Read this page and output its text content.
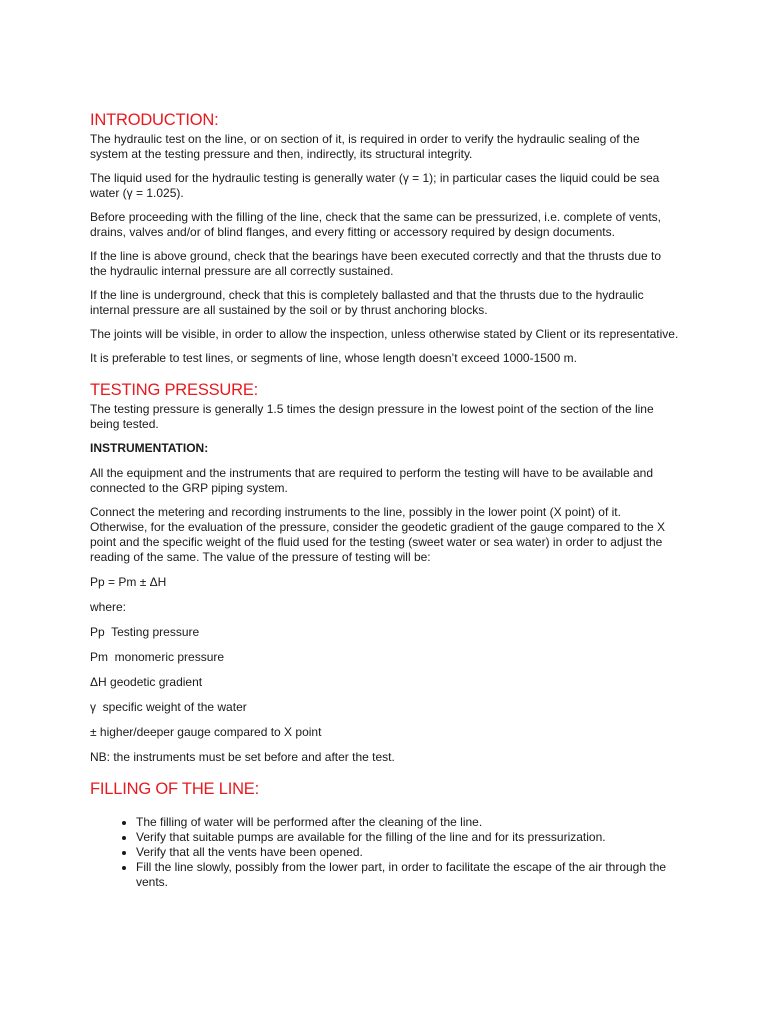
INTRODUCTION:

The hydraulic test on the line, or on section of it, is required in order to verify the hydraulic sealing of the system at the testing pressure and then, indirectly, its structural integrity.

The liquid used for the hydraulic testing is generally water (γ = 1); in particular cases the liquid could be sea water (γ = 1.025).

Before proceeding with the filling of the line, check that the same can be pressurized, i.e. complete of vents, drains, valves and/or of blind flanges, and every fitting or accessory required by design documents.

If the line is above ground, check that the bearings have been executed correctly and that the thrusts due to the hydraulic internal pressure are all correctly sustained.

If the line is underground, check that this is completely ballasted and that the thrusts due to the hydraulic internal pressure are all sustained by the soil or by thrust anchoring blocks.

The joints will be visible, in order to allow the inspection, unless otherwise stated by Client or its representative.

It is preferable to test lines, or segments of line, whose length doesn’t exceed 1000-1500 m.

TESTING PRESSURE:

The testing pressure is generally 1.5 times the design pressure in the lowest point of the section of the line being tested.

INSTRUMENTATION:

All the equipment and the instruments that are required to perform the testing will have to be available and connected to the GRP piping system.

Connect the metering and recording instruments to the line, possibly in the lower point (X point) of it. Otherwise, for the evaluation of the pressure, consider the geodetic gradient of the gauge compared to the X point and the specific weight of the fluid used for the testing (sweet water or sea water) in order to adjust the reading of the same. The value of the pressure of testing will be:

Pp = Pm ± ΔH

where:

Pp  Testing pressure

Pm  monomeric pressure

ΔH geodetic gradient

γ  specific weight of the water

± higher/deeper gauge compared to X point

NB: the instruments must be set before and after the test.

FILLING OF THE LINE:
• The filling of water will be performed after the cleaning of the line.
• Verify that suitable pumps are available for the filling of the line and for its pressurization.
• Verify that all the vents have been opened.
• Fill the line slowly, possibly from the lower part, in order to facilitate the escape of the air through the vents.
